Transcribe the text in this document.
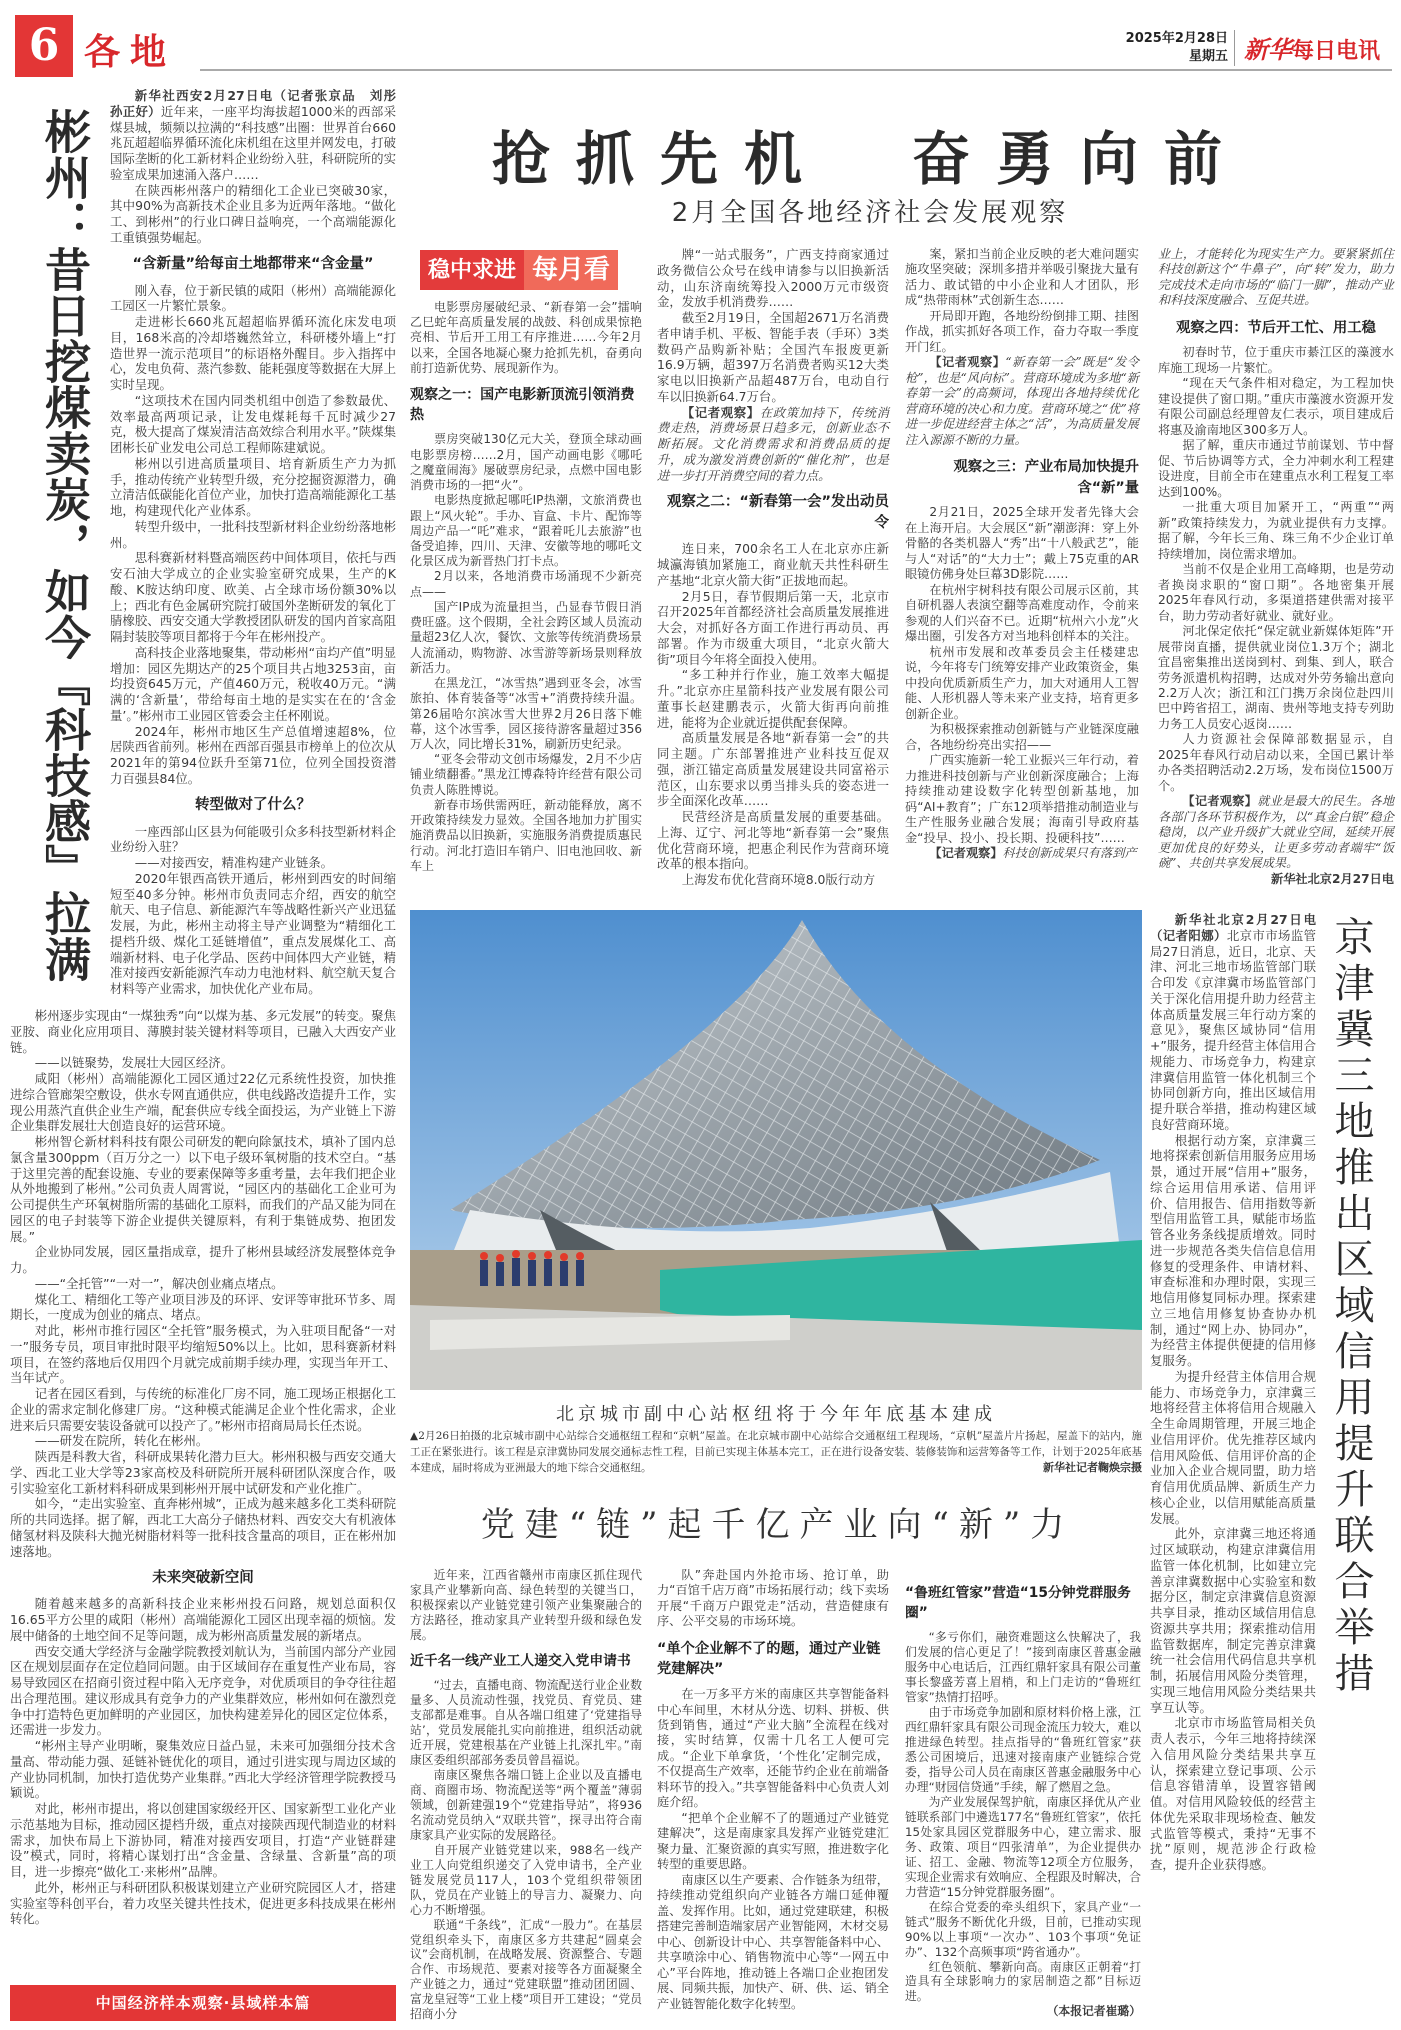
6 各地	2025年2月28日
星期五 新华每日电讯
彬州：昔日挖煤卖炭，如今『科技感』拉满

新华社西安2月27日电（记者张京品　刘彤　孙正好）近年来，一座平均海拔超1000米的西部采煤县城，频频以拉满的“科技感”出圈：世界首台660兆瓦超超临界循环流化床机组在这里并网发电，打破国际垄断的化工新材料企业纷纷入驻，科研院所的实验室成果加速涌入落户……

在陕西彬州落户的精细化工企业已突破30家，其中90%为高新技术企业且多为近两年落地。“做化工、到彬州”的行业口碑日益响亮，一个高端能源化工重镇强势崛起。

“含新量”给每亩土地都带来“含金量”

刚入春，位于新民镇的咸阳（彬州）高端能源化工园区一片繁忙景象。

走进彬长660兆瓦超超临界循环流化床发电项目，168米高的冷却塔巍然耸立，科研楼外墙上“打造世界一流示范项目”的标语格外醒目。步入指挥中心，发电负荷、蒸汽参数、能耗强度等数据在大屏上实时呈现。

“这项技术在国内同类机组中创造了参数最优、效率最高两项记录，让发电煤耗每千瓦时减少27克，极大提高了煤炭清洁高效综合利用水平。”陕煤集团彬长矿业发电公司总工程师陈建斌说。

彬州以引进高质量项目、培育新质生产力为抓手，推动传统产业转型升级，充分挖掘资源潜力，确立清洁低碳能化首位产业，加快打造高端能源化工基地，构建现代化产业体系。

转型升级中，一批科技型新材料企业纷纷落地彬州。

思科赛新材料暨高端医药中间体项目，依托与西安石油大学成立的企业实验室研究成果，生产的K酸、K胺达纳印度、欧美、占全球市场份额30%以上；西北有色金属研究院打破国外垄断研发的氧化丁腈橡胶、西安交通大学教授团队研发的国内首家高阻隔封装胶等项目都将于今年在彬州投产。

高科技企业落地聚集，带动彬州“亩均产值”明显增加：园区先期达产的25个项目共占地3253亩，亩均投资645万元，产值460万元，税收40万元。“满满的‘含新量’，带给每亩土地的是实实在在的‘含金量’。”彬州市工业园区管委会主任杯刚说。

2024年，彬州市地区生产总值增速超8%，位居陕西省前列。彬州在西部百强县市榜单上的位次从2021年的第94位跃升至第71位，位列全国投资潜力百强县84位。

转型做对了什么？

一座西部山区县为何能吸引众多科技型新材料企业纷纷入驻？

——对接西安，精准构建产业链条。

2020年银西高铁开通后，彬州到西安的时间缩短至40多分钟。彬州市负责同志介绍，西安的航空航天、电子信息、新能源汽车等战略性新兴产业迅猛发展，为此，彬州主动将主导产业调整为“精细化工提档升级、煤化工延链增值”，重点发展煤化工、高端新材料、电子化学品、医药中间体四大产业链，精准对接西安新能源汽车动力电池材料、航空航天复合材料等产业需求，加快优化产业布局。

彬州逐步实现由“一煤独秀”向“以煤为基、多元发展”的转变。聚焦亚胺、商业化应用项目、薄膜封装关键材料等项目，已融入大西安产业链。

——以链聚势，发展壮大园区经济。

咸阳（彬州）高端能源化工园区通过22亿元系统性投资，加快推进综合管廊架空敷设，供水专网直通供应，供电线路改造提升工作，实现公用蒸汽直供企业生产端，配套供应专线全面投运，为产业链上下游企业集群发展壮大创造良好的运营环境。

彬州智仑新材料科技有限公司研发的靶向除氯技术，填补了国内总氯含量300ppm（百万分之一）以下电子级环氧树脂的技术空白。“基于这里完善的配套设施、专业的要素保障等多重考量，去年我们把企业从外地搬到了彬州。”公司负责人周霄说，“园区内的基础化工企业可为公司提供生产环氧树脂所需的基础化工原料，而我们的产品又能为同在园区的电子封装等下游企业提供关键原料，有利于集链成势、抱团发展。”

企业协同发展，园区量指成章，提升了彬州县域经济发展整体竞争力。

——“全托管”“一对一”，解决创业痛点堵点。

煤化工、精细化工等产业项目涉及的环评、安评等审批环节多、周期长，一度成为创业的痛点、堵点。

对此，彬州市推行园区“全托管”服务模式，为入驻项目配备“一对一”服务专员，项目审批时限平均缩短50%以上。比如，思科赛新材料项目，在签约落地后仅用四个月就完成前期手续办理，实现当年开工、当年试产。

记者在园区看到，与传统的标准化厂房不同，施工现场正根据化工企业的需求定制化修建厂房。“这种模式能满足企业个性化需求，企业进来后只需要安装设备就可以投产了。”彬州市招商局局长任杰说。

——研发在院所，转化在彬州。

陕西是科教大省，科研成果转化潜力巨大。彬州积极与西安交通大学、西北工业大学等23家高校及科研院所开展科研团队深度合作，吸引实验室化工新材料科研成果到彬州开展中试研发和产业化推广。

如今，“走出实验室、直奔彬州城”，正成为越来越多化工类科研院所的共同选择。据了解，西北工大高分子储热材料、西安交大有机液体储氢材料及陕科大抛光树脂材料等一批科技含量高的项目，正在彬州加速落地。

未来突破新空间

随着越来越多的高新科技企业来彬州投石问路，规划总面积仅16.65平方公里的咸阳（彬州）高端能源化工园区出现幸福的烦恼。发展中储备的土地空间不足等问题，成为彬州高质量发展的新堵点。

西安交通大学经济与金融学院教授刘航认为，当前国内部分产业园区在规划层面存在定位趋同问题。由于区域间存在重复性产业布局，容易导致园区在招商引资过程中陷入无序竞争，对优质项目的争夺往往超出合理范围。建议形成具有竞争力的产业集群效应，彬州如何在激烈竞争中打造特色更加鲜明的产业园区，加快构建差异化的园区定位体系，还需进一步发力。

“彬州主导产业明晰，聚集效应日益凸显，未来可加强细分技术含量高、带动能力强、延链补链优化的项目，通过引进实现与周边区域的产业协同机制，加快打造优势产业集群。”西北大学经济管理学院教授马颖说。

对此，彬州市提出，将以创建国家级经开区、国家新型工业化产业示范基地为目标，推动园区提档升级，重点对接陕西现代制造业的材料需求，加快布局上下游协同，精准对接西安项目，打造“产业链群建设”模式，同时，将精心谋划打出“含金量、含绿量、含新量”高的项目，进一步擦亮“做化工·来彬州”品牌。

此外，彬州正与科研团队积极谋划建立产业研究院园区人才，搭建实验室等科创平台，着力攻坚关键共性技术，促进更多科技成果在彬州转化。

中国经济样本观察·县域样本篇
抢抓先机　奋勇向前
2月全国各地经济社会发展观察
稳中求进 每月看

电影票房屡破纪录、“新春第一会”擂响乙巳蛇年高质量发展的战鼓、科创成果惊艳亮相、节后开工用工有序推进……今年2月以来，全国各地凝心聚力抢抓先机，奋勇向前打造新优势、展现新作为。

观察之一：国产电影新顶流引领消费热

票房突破130亿元大关，登顶全球动画电影票房榜……2月，国产动画电影《哪吒之魔童闹海》屡破票房纪录，点燃中国电影消费市场的一把“火”。

电影热度掀起哪吒IP热潮，文旅消费也跟上“风火轮”。手办、盲盒、卡片、配饰等周边产品一“吒”难求，“跟着吒儿去旅游”也备受追捧，四川、天津、安徽等地的哪吒文化景区成为新晋热门打卡点。

2月以来，各地消费市场涌现不少新亮点——

国产IP成为流量担当，凸显春节假日消费旺盛。这个假期，全社会跨区域人员流动量超23亿人次，餐饮、文旅等传统消费场景人流涌动，购物游、冰雪游等新场景则释放新活力。

在黑龙江，“冰雪热”遇到亚冬会，冰雪旅拍、体育装备等“冰雪+”消费持续升温。第26届哈尔滨冰雪大世界2月26日落下帷幕，这个冰雪季，园区接待游客量超过356万人次，同比增长31%，刷新历史纪录。

“亚冬会带动文创市场爆发，2月不少店铺业绩翻番。”黑龙江博森特许经营有限公司负责人陈胜博说。

新春市场供需两旺，新动能释放，离不开政策持续发力显效。全国各地加力扩围实施消费品以旧换新，实施服务消费提质惠民行动。河北打造旧车销户、旧电池回收、新车上

牌“一站式服务”，广西支持商家通过政务微信公众号在线申请参与以旧换新活动，山东济南统筹投入2000万元市级资金，发放手机消费券……

截至2月19日，全国超2671万名消费者申请手机、平板、智能手表（手环）3类数码产品购新补贴；全国汽车报废更新16.9万辆，超397万名消费者购买12大类家电以旧换新产品超487万台，电动自行车以旧换新64.7万台。

【记者观察】在政策加持下，传统消费走热，消费场景日趋多元，创新业态不断拓展。文化消费需求和消费品质的提升，成为激发消费创新的“催化剂”，也是进一步打开消费空间的着力点。

观察之二：“新春第一会”发出动员令

连日来，700余名工人在北京亦庄新城瀛海镇加紧施工，商业航天共性科研生产基地“北京火箭大街”正拔地而起。

2月5日，春节假期后第一天，北京市召开2025年首都经济社会高质量发展推进大会，对抓好各方面工作进行再动员、再部署。作为市级重大项目，“北京火箭大街”项目今年将全面投入使用。

“多工种并行作业，施工效率大幅提升。”北京亦庄星箭科技产业发展有限公司董事长赵建鹏表示，火箭大街再向前推进，能将为企业就近提供配套保障。

高质量发展是各地“新春第一会”的共同主题。广东部署推进产业科技互促双强，浙江锚定高质量发展建设共同富裕示范区，山东要求以勇当排头兵的姿态进一步全面深化改革……

民营经济是高质量发展的重要基础。上海、辽宁、河北等地“新春第一会”聚焦优化营商环境，把惠企利民作为营商环境改革的根本指向。

上海发布优化营商环境8.0版行动方

案，紧扣当前企业反映的老大难问题实施攻坚突破；深圳多措并举吸引聚拢大量有活力、敢试错的中小企业和人才团队，形成“热带雨林”式创新生态……

开局即开跑，各地纷纷倒排工期、挂图作战，抓实抓好各项工作，奋力夺取一季度开门红。

【记者观察】“新春第一会”既是“发令枪”，也是“风向标”。营商环境成为多地“新春第一会”的高频词，体现出各地持续优化营商环境的决心和力度。营商环境之“优”将进一步促进经营主体之“活”，为高质量发展注入源源不断的力量。

观察之三：产业布局加快提升含“新”量

2月21日，2025全球开发者先锋大会在上海开启。大会展区“新”潮澎湃：穿上外骨骼的各类机器人“秀”出“十八般武艺”，能与人“对话”的“大力士”；戴上75克重的AR眼镜仿佛身处巨幕3D影院……

在杭州宇树科技有限公司展示区前，其自研机器人表演空翻等高难度动作，令前来参观的人们兴奋不已。近期“杭州六小龙”火爆出圈，引发各方对当地科创样本的关注。

杭州市发展和改革委员会主任楼建忠说，今年将专门统筹安排产业政策资金，集中投向优质新质生产力，加大对通用人工智能、人形机器人等未来产业支持，培育更多创新企业。

为积极探索推动创新链与产业链深度融合，各地纷纷亮出实招——

广西实施新一轮工业振兴三年行动，着力推进科技创新与产业创新深度融合；上海持续推动建设数字化转型创新基地，加码“AI+教育”；广东12项举措推动制造业与生产性服务业融合发展；海南引导政府基金“投早、投小、投长期、投硬科技”……

【记者观察】科技创新成果只有落到产

业上，才能转化为现实生产力。要紧紧抓住科技创新这个“牛鼻子”，向“转”发力，助力完成技术走向市场的“临门一脚”，推动产业和科技深度融合、互促共进。

观察之四：节后开工忙、用工稳

初春时节，位于重庆市綦江区的藻渡水库施工现场一片繁忙。

“现在天气条件相对稳定，为工程加快建设提供了窗口期。”重庆市藻渡水资源开发有限公司副总经理曾友仁表示，项目建成后将惠及渝南地区300多万人。

据了解，重庆市通过节前谋划、节中督促、节后协调等方式，全力冲刺水利工程建设进度，目前全市在建重点水利工程复工率达到100%。

一批重大项目加紧开工，“两重”“两新”政策持续发力，为就业提供有力支撑。据了解，今年长三角、珠三角不少企业订单持续增加，岗位需求增加。

当前不仅是企业用工高峰期，也是劳动者换岗求职的“窗口期”。各地密集开展2025年春风行动，多渠道搭建供需对接平台，助力劳动者好就业、就好业。

河北保定依托“保定就业新媒体矩阵”开展带岗直播，提供就业岗位1.3万个；湖北宜昌密集推出送岗到村、到集、到人，联合劳务派遣机构招聘，达成对外劳务输出意向2.2万人次；浙江和江门携万余岗位赴四川巴中跨省招工，湖南、贵州等地支持专列助力务工人员安心返岗……

人力资源社会保障部数据显示，自2025年春风行动启动以来，全国已累计举办各类招聘活动2.2万场，发布岗位1500万个。

【记者观察】就业是最大的民生。各地各部门各环节积极作为，以“真金白银”稳企稳岗，以产业升级扩大就业空间，延续开展更加优良的好势头，让更多劳动者端牢“饭碗”、共创共享发展成果。

新华社北京2月27日电

北京城市副中心站枢纽将于今年年底基本建成
▲2月26日拍摄的北京城市副中心站综合交通枢纽工程和“京帆”屋盖。在北京城市副中心站综合交通枢纽工程现场，“京帆”屋盖片片扬起，屋盖下的站内，施工正在紧张进行。该工程是京津冀协同发展交通标志性工程，目前已实现主体基本完工，正在进行设备安装、装修装饰和运营筹备等工作，计划于2025年底基本建成，届时将成为亚洲最大的地下综合交通枢纽。	新华社记者鞠焕宗摄	京津冀三地推出区域信用提升联合举措

新华社北京2月27日电（记者阳娜）北京市市场监管局27日消息，近日，北京、天津、河北三地市场监管部门联合印发《京津冀市场监管部门关于深化信用提升助力经营主体高质量发展三年行动方案的意见》，聚焦区域协同“信用+”服务，提升经营主体信用合规能力、市场竞争力，构建京津冀信用监管一体化机制三个协同创新方向，推出区域信用提升联合举措，推动构建区域良好营商环境。

根据行动方案，京津冀三地将探索创新信用服务应用场景，通过开展“信用+”服务，综合运用信用承诺、信用评价、信用报告、信用指数等新型信用监管工具，赋能市场监管各业务条线提质增效。同时进一步规范各类失信信息信用修复的受理条件、申请材料、审查标准和办理时限，实现三地信用修复同标办理。探索建立三地信用修复协查协办机制，通过“网上办、协同办”，为经营主体提供便捷的信用修复服务。

为提升经营主体信用合规能力、市场竞争力，京津冀三地将经营主体将信用合规融入全生命周期管理，开展三地企业信用评价。优先推荐区域内信用风险低、信用评价高的企业加入企业合规同盟，助力培育信用优质品牌、新质生产力核心企业，以信用赋能高质量发展。

此外，京津冀三地还将通过区域联动，构建京津冀信用监管一体化机制，比如建立完善京津冀数据中心实验室和数据分区，制定京津冀信息资源共享目录，推动区域信用信息资源共享共用；探索推动信用监管数据库，制定完善京津冀统一社会信用代码信息共享机制，拓展信用风险分类管理，实现三地信用风险分类结果共享互认等。

北京市市场监管局相关负责人表示，今年三地将持续深入信用风险分类结果共享互认，探索建立登记事项、公示信息容错清单，设置容错阈值。对信用风险较低的经营主体优先采取非现场检查、触发式监管等模式，秉持“无事不扰”原则，规范涉企行政检查，提升企业获得感。

党建“链”起千亿产业向“新”力

近年来，江西省赣州市南康区抓住现代家具产业攀新向高、绿色转型的关键当口，积极探索以产业链党建引领产业集聚融合的方法路径，推动家具产业转型升级和绿色发展。

近千名一线产业工人递交入党申请书

“过去，直播电商、物流配送行业企业数量多、人员流动性强，找党员、育党员、建支部都是难事。自从各端口组建了‘党建指导站’，党员发展能扎实向前推进，组织活动就近开展，党建根基在产业链上扎深扎牢。”南康区委组织部部务委员曾昌福说。

南康区聚焦各端口链上企业以及直播电商、商圈市场、物流配送等“两个覆盖”薄弱领域，创新建强19个“党建指导站”，将936名流动党员纳入“双联共管”，探寻出符合南康家具产业实际的发展路径。

自开展产业链党建以来，988名一线产业工人向党组织递交了入党申请书，全产业链发展党员117人，103个党组织带领团队，党员在产业链上的导言力、凝聚力、向心力不断增强。

联通“千条线”，汇成“一股力”。在基层党组织牵头下，南康区多方共建起“圆桌会议”会商机制，在战略发展、资源整合、专题合作、市场规范、要素对接等各方面凝聚全产业链之力，通过“党建联盟”推动团团圆、富龙皇冠等“工业上楼”项目开工建设；“党员招商小分

队”奔赴国内外抢市场、抢订单，助力“百馆千店万商”市场拓展行动；线下卖场开展“千商万户跟党走”活动，营造健康有序、公平交易的市场环境。

“单个企业解不了的题，通过产业链党建解决”

在一万多平方米的南康区共享智能备料中心车间里，木材从分选、切料、拼板、供货到销售，通过“产业大脑”全流程在线对接，实时结算，仅需十几名工人便可完成。“企业下单拿货，‘个性化’定制完成，不仅提高生产效率，还能节约企业在前端备料环节的投入。”共享智能备料中心负责人刘庭介绍。

“把单个企业解不了的题通过产业链党建解决”，这是南康家具发挥产业链党建汇聚力量、汇聚资源的真实写照，推进数字化转型的重要思路。

南康区以生产要素、合作链条为纽带，持续推动党组织向产业链各方端口延伸覆盖、发挥作用。比如，通过党建联建，积极搭建完善制造端家居产业智能网，木材交易中心、创新设计中心、共享智能备料中心、共享喷涂中心、销售物流中心等“一网五中心”平台阵地，推动链上各端口企业抱团发展、同频共振，加快产、研、供、运、销全产业链智能化数字化转型。

“鲁班红管家”营造“15分钟党群服务圈”

“多亏你们，融资难题这么快解决了，我们发展的信心更足了！”接到南康区普惠金融服务中心电话后，江西红鼎轩家具有限公司董事长黎盛芳喜上眉梢，和上门走访的“鲁班红管家”热情打招呼。

由于市场竞争加剧和原材料价格上涨，江西红鼎轩家具有限公司现金流压力较大，难以推进绿色转型。挂点指导的“鲁班红管家”获悉公司困境后，迅速对接南康产业链综合党委，指导公司人员在南康区普惠金融服务中心办理“财园信贷通”手续，解了燃眉之急。

为产业发展保驾护航，南康区择优从产业链联系部门中遴选177名“鲁班红管家”，依托15处家具园区党群服务中心，建立需求、服务、政策、项目“四张清单”，为企业提供办证、招工、金融、物流等12项全方位服务，实现企业需求有效响应、全程跟及时解决，合力营造“15分钟党群服务圈”。

在综合党委的牵头组织下，家具产业“一链式”服务不断优化升级，目前，已推动实现90%以上事项“一次办”、103个事项“免证办”、132个高频事项“跨省通办”。

红色领航、攀新向高。南康区正朝着“打造具有全球影响力的家居制造之都”目标迈进。

（本报记者崔璐）
